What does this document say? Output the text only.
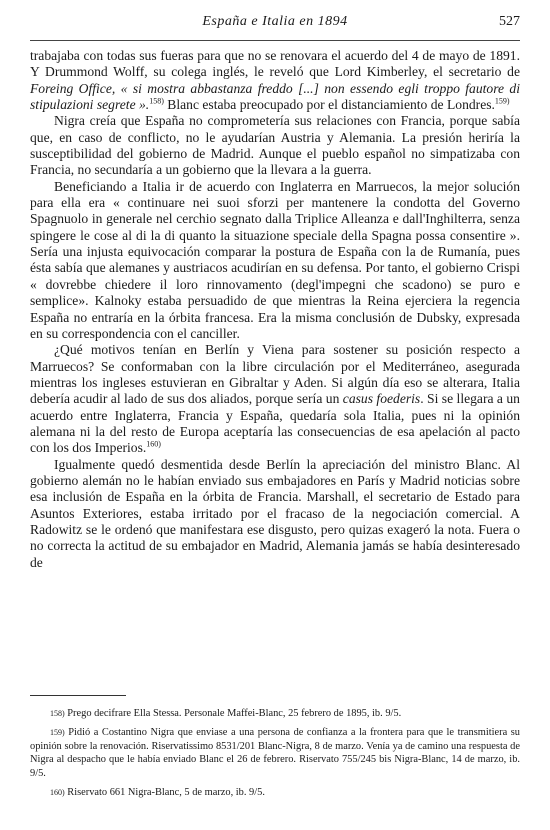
España e Italia en 1894	527

trabajaba con todas sus fueras para que no se renovara el acuerdo del 4 de mayo de 1891. Y Drummond Wolff, su colega inglés, le reveló que Lord Kimberley, el secretario de Foreing Office, « si mostra abbastanza freddo [...] non essendo egli troppo fautore di stipulazioni segrete ».$^{158)}$ Blanc estaba preocupado por el distanciamiento de Londres.$^{159)}$

Nigra creía que España no comprometería sus relaciones con Francia, porque sabía que, en caso de conflicto, no le ayudarían Austria y Alemania. La presión heriría la susceptibilidad del gobierno de Madrid. Aunque el pueblo español no simpatizaba con Francia, no secundaría a un gobierno que la llevara a la guerra.

Beneficiando a Italia ir de acuerdo con Inglaterra en Marruecos, la mejor solución para ella era « continuare nei suoi sforzi per mantenere la condotta del Governo Spagnuolo in generale nel cerchio segnato dalla Triplice Alleanza e dall'Inghilterra, senza spingere le cose al di la di quanto la situazione speciale della Spagna possa consentire ». Sería una injusta equivocación comparar la postura de España con la de Rumanía, pues ésta sabía que alemanes y austriacos acudirían en su defensa. Por tanto, el gobierno Crispi « dovrebbe chiedere il loro rinnovamento (degl'impegni che scadono) se puro e semplice». Kalnoky estaba persuadido de que mientras la Reina ejerciera la regencia España no entraría en la órbita francesa. Era la misma conclusión de Dubsky, expresada en su correspondencia con el canciller.

¿Qué motivos tenían en Berlín y Viena para sostener su posición respecto a Marruecos? Se conformaban con la libre circulación por el Mediterráneo, asegurada mientras los ingleses estuvieran en Gibraltar y Aden. Si algún día eso se alterara, Italia debería acudir al lado de sus dos aliados, porque sería un casus foederis. Si se llegara a un acuerdo entre Inglaterra, Francia y España, quedaría sola Italia, pues ni la opinión alemana ni la del resto de Europa aceptaría las consecuencias de esa apelación al pacto con los dos Imperios.$^{160)}$

Igualmente quedó desmentida desde Berlín la apreciación del ministro Blanc. Al gobierno alemán no le habían enviado sus embajadores en París y Madrid noticias sobre esa inclusión de España en la órbita de Francia. Marshall, el secretario de Estado para Asuntos Exteriores, estaba irritado por el fracaso de la negociación comercial. A Radowitz se le ordenó que manifestara ese disgusto, pero quizas exageró la nota. Fuera o no correcta la actitud de su embajador en Madrid, Alemania jamás se había desinteresado de

158) Prego decifrare Ella Stessa. Personale Maffei-Blanc, 25 febrero de 1895, ib. 9/5.

159) Pidió a Costantino Nigra que enviase a una persona de confianza a la frontera para que le transmitiera su opinión sobre la renovación. Riservatissimo 8531/201 Blanc-Nigra, 8 de marzo. Venía ya de camino una respuesta de Nigra al despacho que le había enviado Blanc el 26 de febrero. Riservato 755/245 bis Nigra-Blanc, 14 de marzo, ib. 9/5.

160) Riservato 661 Nigra-Blanc, 5 de marzo, ib. 9/5.
